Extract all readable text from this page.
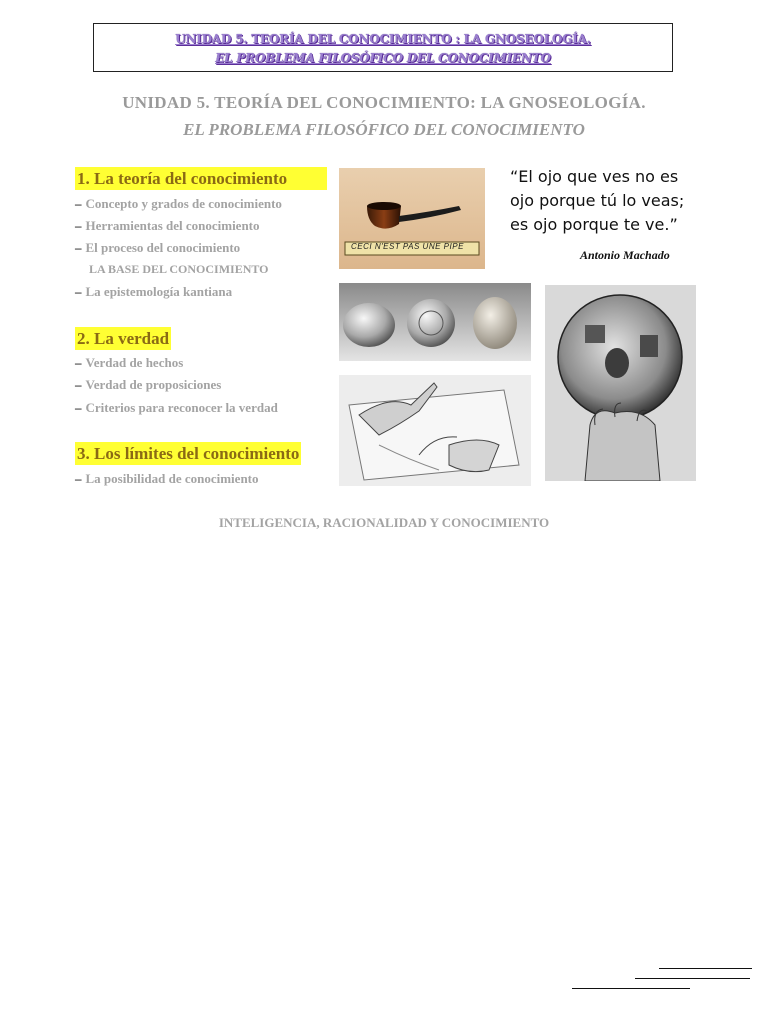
UNIDAD 5. TEORÍA DEL CONOCIMIENTO : LA GNOSEOLOGÍA.
EL PROBLEMA FILOSÓFICO DEL CONOCIMIENTO
UNIDAD 5. TEORÍA DEL CONOCIMIENTO: LA GNOSEOLOGÍA.
EL PROBLEMA FILOSÓFICO DEL CONOCIMIENTO
1. La teoría del conocimiento
– Concepto y grados de conocimiento
– Herramientas del conocimiento
– El proceso del conocimiento
LA BASE DEL CONOCIMIENTO
– La epistemología kantiana
2. La verdad
– Verdad de hechos
– Verdad de proposiciones
– Criterios para reconocer la verdad
3. Los límites del conocimiento
– La posibilidad de conocimiento
CECI N'EST PAS UNE PIPE
“El ojo que ves no es
ojo porque tú lo veas;
es ojo porque te ve.”
Antonio Machado
INTELIGENCIA, RACIONALIDAD Y CONOCIMIENTO
